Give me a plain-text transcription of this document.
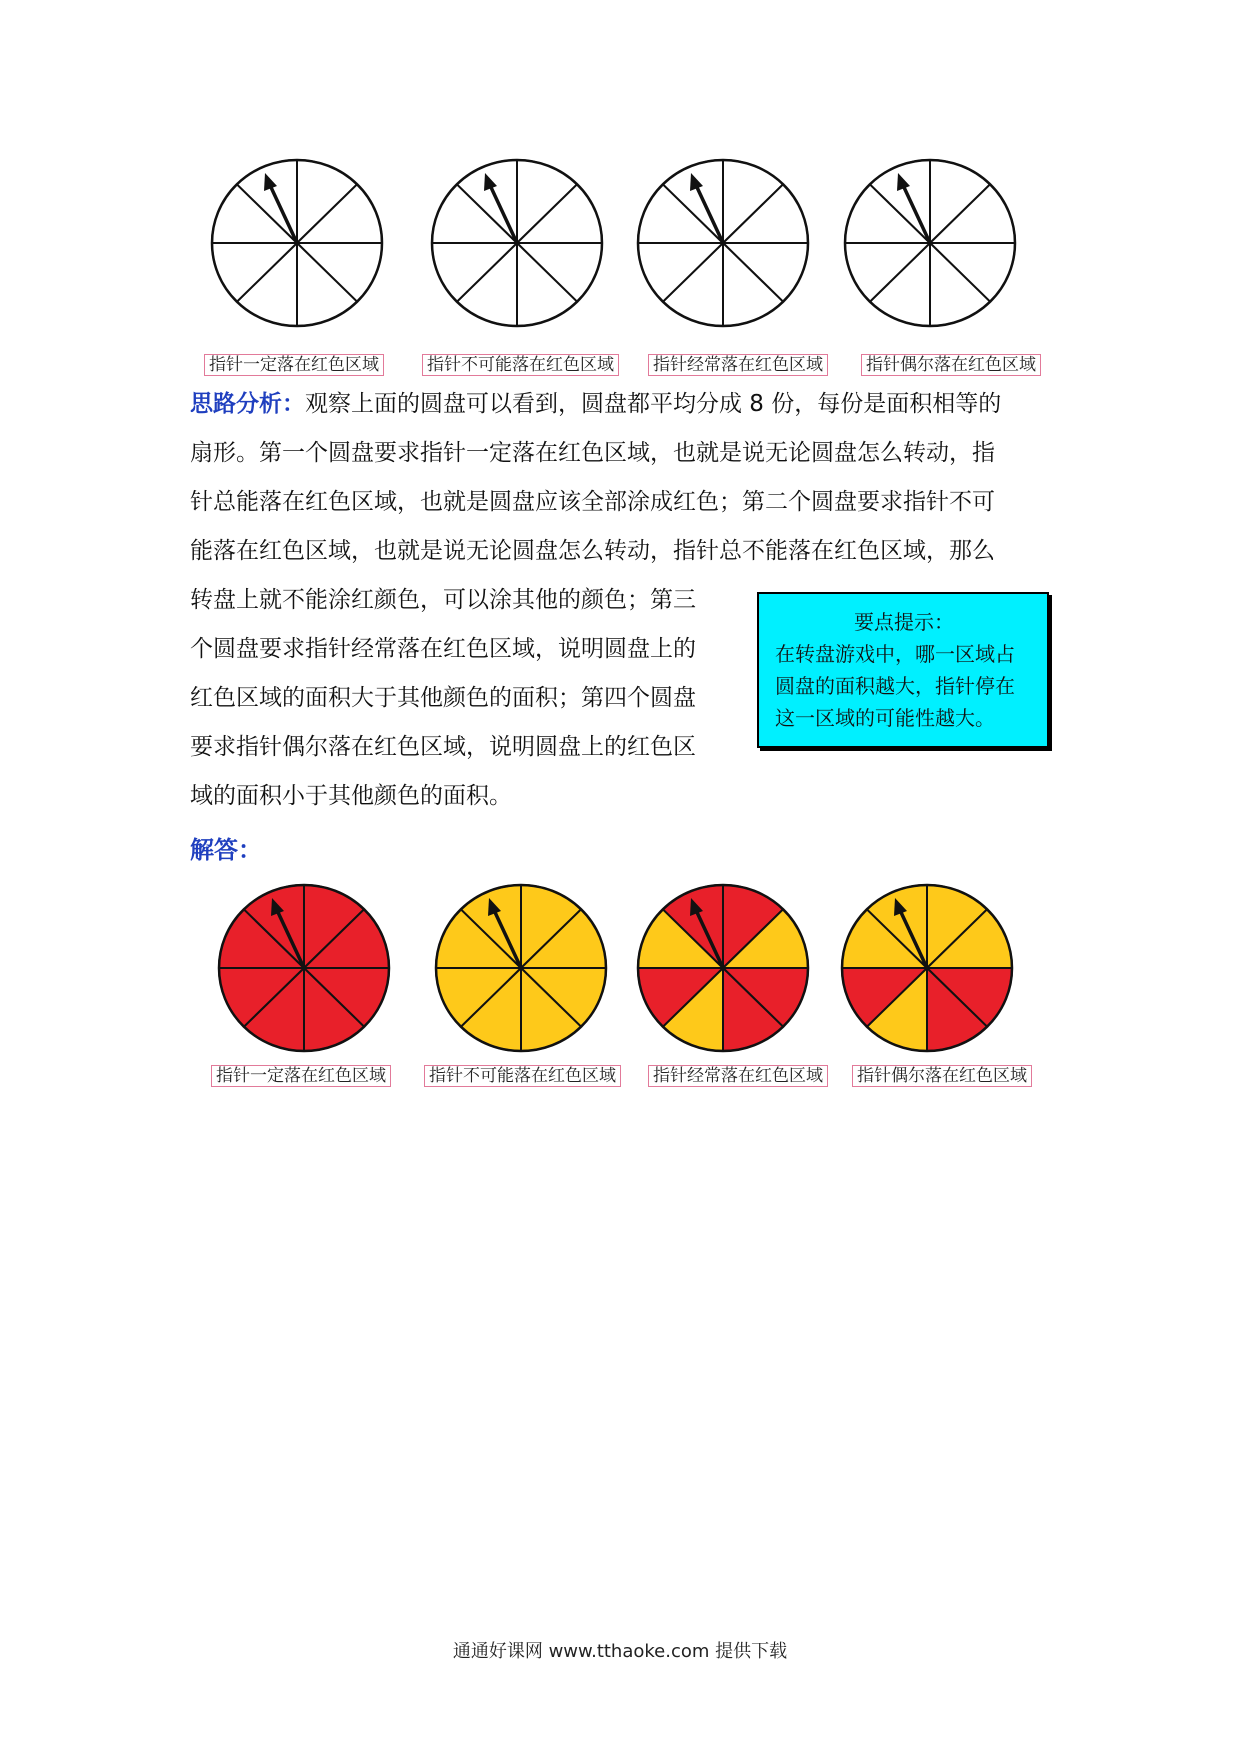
指针一定落在红色区域	指针不可能落在红色区域 指针经常落在红色区域	指针偶尔落在红色区域
思路分析：观察上面的圆盘可以看到，圆盘都平均分成 8 份，每份是面积相等的
扇形。第一个圆盘要求指针一定落在红色区域，也就是说无论圆盘怎么转动，指
针总能落在红色区域，也就是圆盘应该全部涂成红色；第二个圆盘要求指针不可
能落在红色区域，也就是说无论圆盘怎么转动，指针总不能落在红色区域，那么
转盘上就不能涂红颜色，可以涂其他的颜色；第三
个圆盘要求指针经常落在红色区域，说明圆盘上的
红色区域的面积大于其他颜色的面积；第四个圆盘
要求指针偶尔落在红色区域，说明圆盘上的红色区
域的面积小于其他颜色的面积。
要点提示：
在转盘游戏中，哪一区域占
圆盘的面积越大，指针停在
这一区域的可能性越大。
解答：
指针一定落在红色区域	指针不可能落在红色区域 指针经常落在红色区域 指针偶尔落在红色区域
通通好课网 www.tthaoke.com 提供下载
